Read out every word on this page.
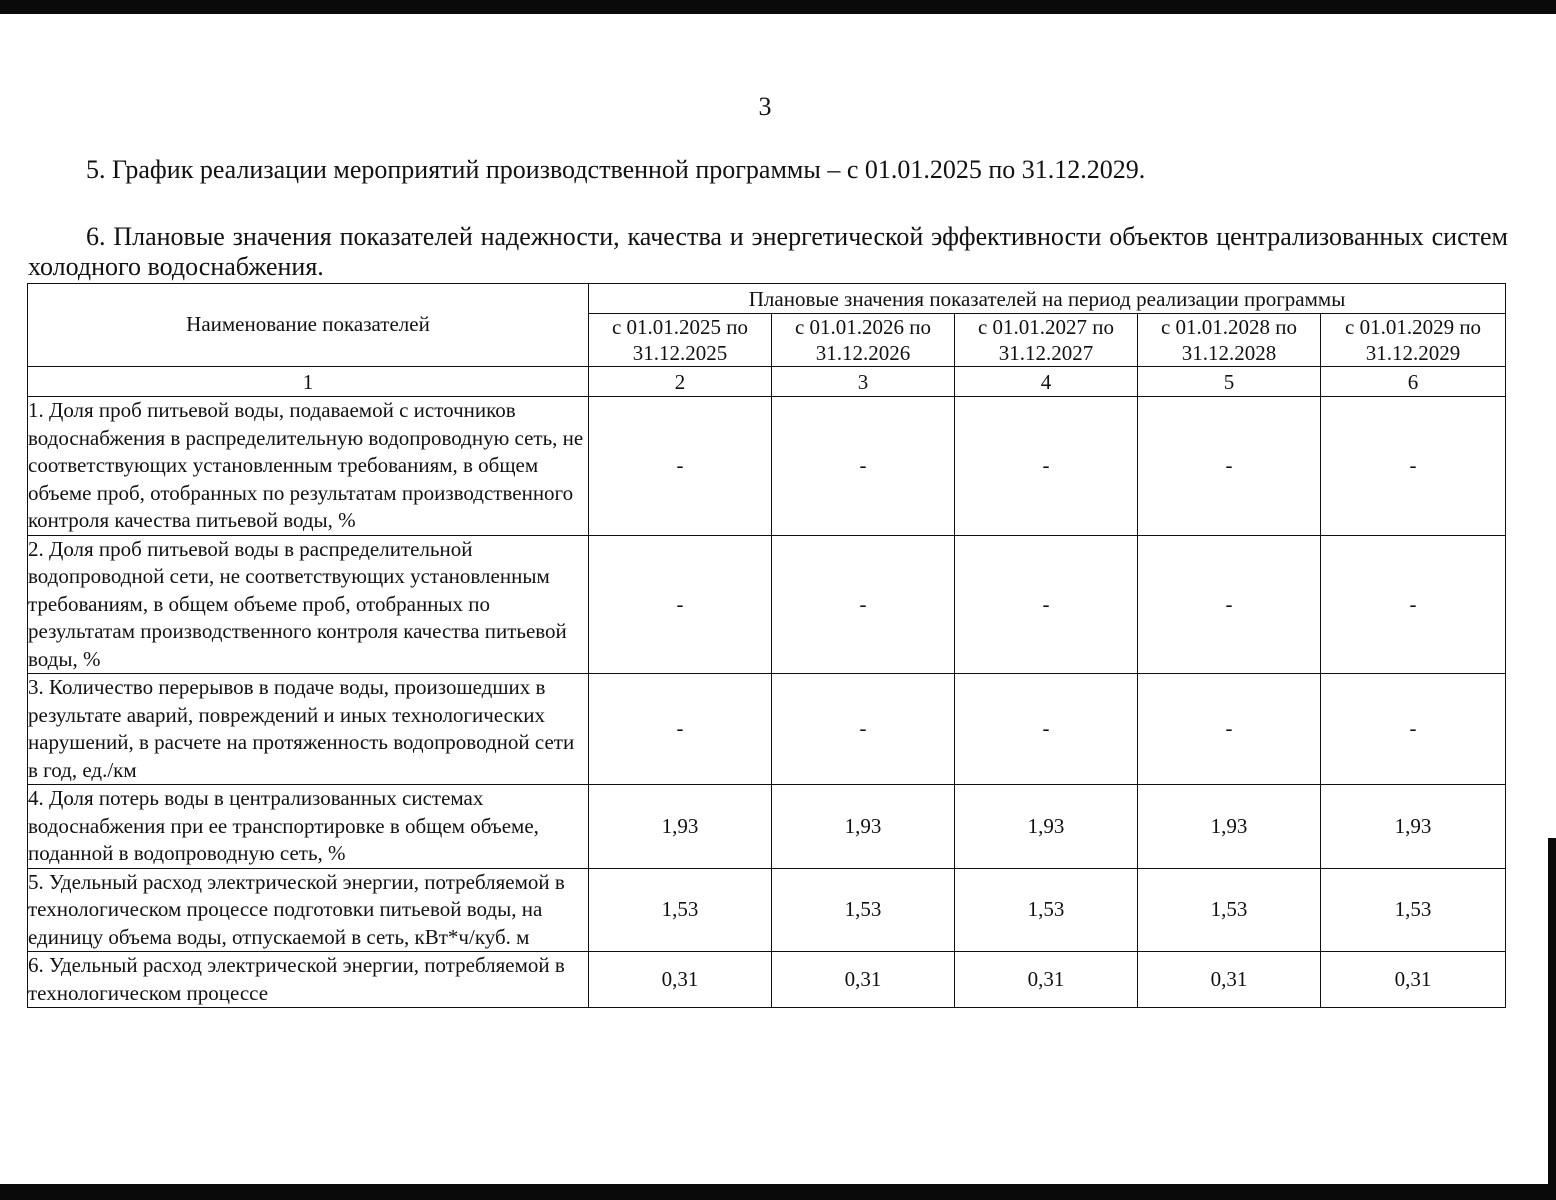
3
5. График реализации мероприятий производственной программы – с 01.01.2025 по 31.12.2029.
6. Плановые значения показателей надежности, качества и энергетической эффективности объектов централизованных систем холодного водоснабжения.
Наименование показателей	Плановые значения показателей на период реализации программы				
	с 01.01.2025 по 31.12.2025	с 01.01.2026 по 31.12.2026	с 01.01.2027 по 31.12.2027	с 01.01.2028 по 31.12.2028	с 01.01.2029 по 31.12.2029
1	2	3	4	5	6
1. Доля проб питьевой воды, подаваемой с источников водоснабжения в распределительную водопроводную сеть, не соответствующих установленным требованиям, в общем объеме проб, отобранных по результатам производственного контроля качества питьевой воды, %	-	-	-	-	-
2. Доля проб питьевой воды в распределительной водопроводной сети, не соответствующих установленным требованиям, в общем объеме проб, отобранных по результатам производственного контроля качества питьевой воды, %	-	-	-	-	-
3. Количество перерывов в подаче воды, произошедших в результате аварий, повреждений и иных технологических нарушений, в расчете на протяженность водопроводной сети в год, ед./км	-	-	-	-	-
4. Доля потерь воды в централизованных системах водоснабжения при ее транспортировке в общем объеме, поданной в водопроводную сеть, %	1,93	1,93	1,93	1,93	1,93
5. Удельный расход электрической энергии, потребляемой в технологическом процессе подготовки питьевой воды, на единицу объема воды, отпускаемой в сеть, кВт*ч/куб. м	1,53	1,53	1,53	1,53	1,53
6. Удельный расход электрической энергии, потребляемой в технологическом процессе	0,31	0,31	0,31	0,31	0,31
